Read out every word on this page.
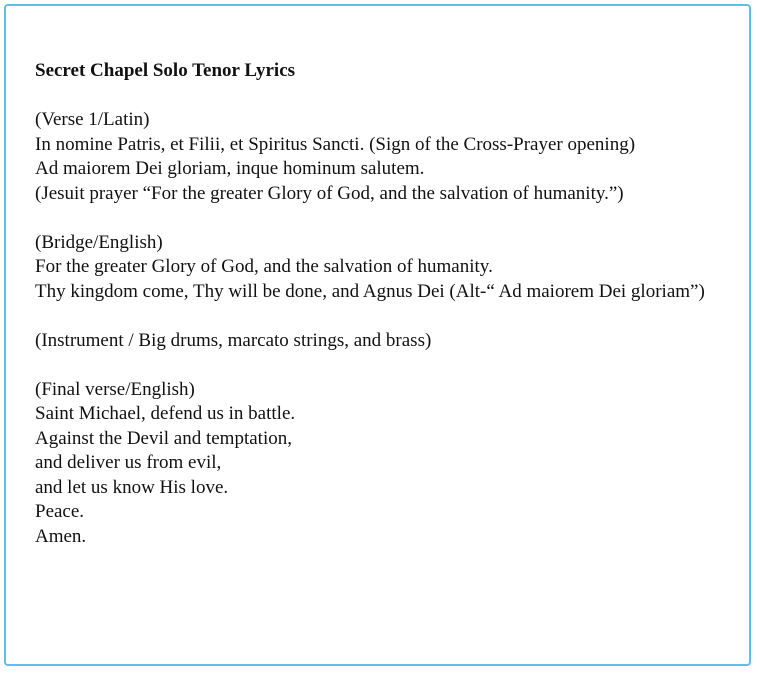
Secret Chapel Solo Tenor Lyrics
(Verse 1/Latin)
In nomine Patris, et Filii, et Spiritus Sancti. (Sign of the Cross-Prayer opening)
Ad maiorem Dei gloriam, inque hominum salutem.
(Jesuit prayer “For the greater Glory of God, and the salvation of humanity.”)
(Bridge/English)
For the greater Glory of God, and the salvation of humanity.
Thy kingdom come, Thy will be done, and Agnus Dei (Alt-“ Ad maiorem Dei gloriam”)
(Instrument / Big drums, marcato strings, and brass)
(Final verse/English)
Saint Michael, defend us in battle.
Against the Devil and temptation,
and deliver us from evil,
and let us know His love.
Peace.
Amen.
